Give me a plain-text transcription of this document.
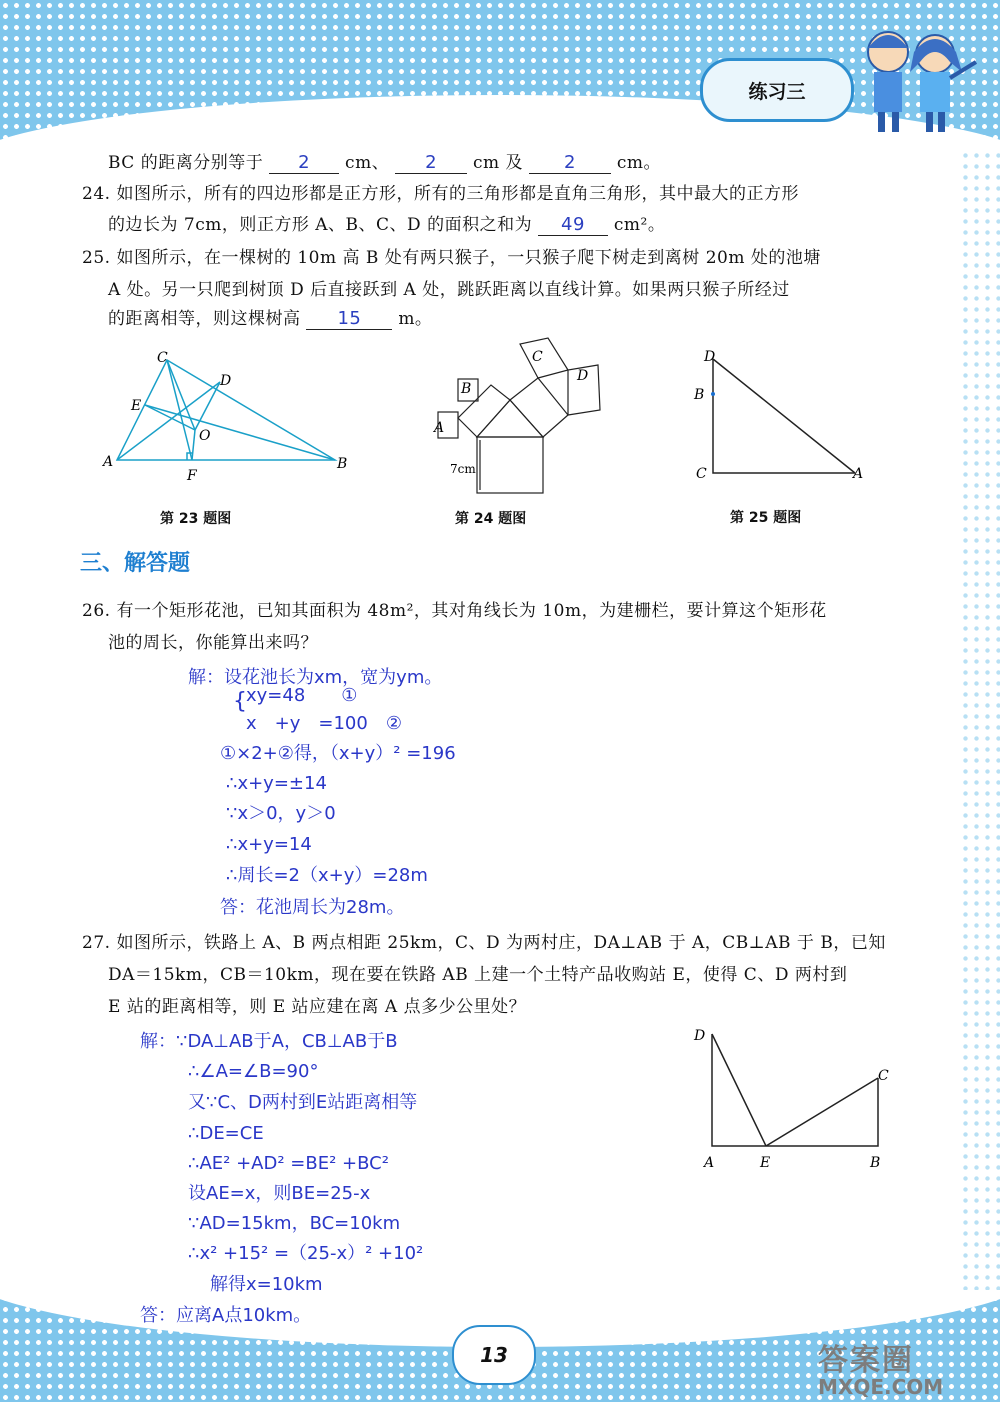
练习三
BC 的距离分别等于 2 cm、 2 cm 及 2 cm。
24. 如图所示，所有的四边形都是正方形，所有的三角形都是直角三角形，其中最大的正方形
的边长为 7cm，则正方形 A、B、C、D 的面积之和为 49 cm²。
25. 如图所示，在一棵树的 10m 高 B 处有两只猴子，一只猴子爬下树走到离树 20m 处的池塘
A 处。另一只爬到树顶 D 后直接跃到 A 处，跳跃距离以直线计算。如果两只猴子所经过
的距离相等，则这棵树高 15 m。
C
D
E
O
A
F
B
第 23 题图
A
B
C
D
7cm
第 24 题图
D
B
C	A
第 25 题图
三、解答题
26. 有一个矩形花池，已知其面积为 48m²，其对角线长为 10m，为建栅栏，要计算这个矩形花
池的周长，你能算出来吗？
解：设花池长为xm，宽为ym。
{ xy=48　　①
x　+y　=100　②
①×2+②得，（x+y）² =196
∴x+y=±14
∵x＞0，y＞0
∴x+y=14
∴周长=2（x+y）=28m
答：花池周长为28m。
27. 如图所示，铁路上 A、B 两点相距 25km，C、D 为两村庄，DA⊥AB 于 A，CB⊥AB 于 B，已知
DA＝15km，CB＝10km，现在要在铁路 AB 上建一个土特产品收购站 E，使得 C、D 两村到
E 站的距离相等，则 E 站应建在离 A 点多少公里处？
解：∵DA⊥AB于A，CB⊥AB于B
∴∠A=∠B=90°
又∵C、D两村到E站距离相等
∴DE=CE
∴AE² +AD² =BE² +BC²
设AE=x，则BE=25-x
∵AD=15km，BC=10km
∴x² +15² =（25-x）² +10²
解得x=10km
答：应离A点10km。
D
C
A	E	B
13	答案圈
MXQE.COM
